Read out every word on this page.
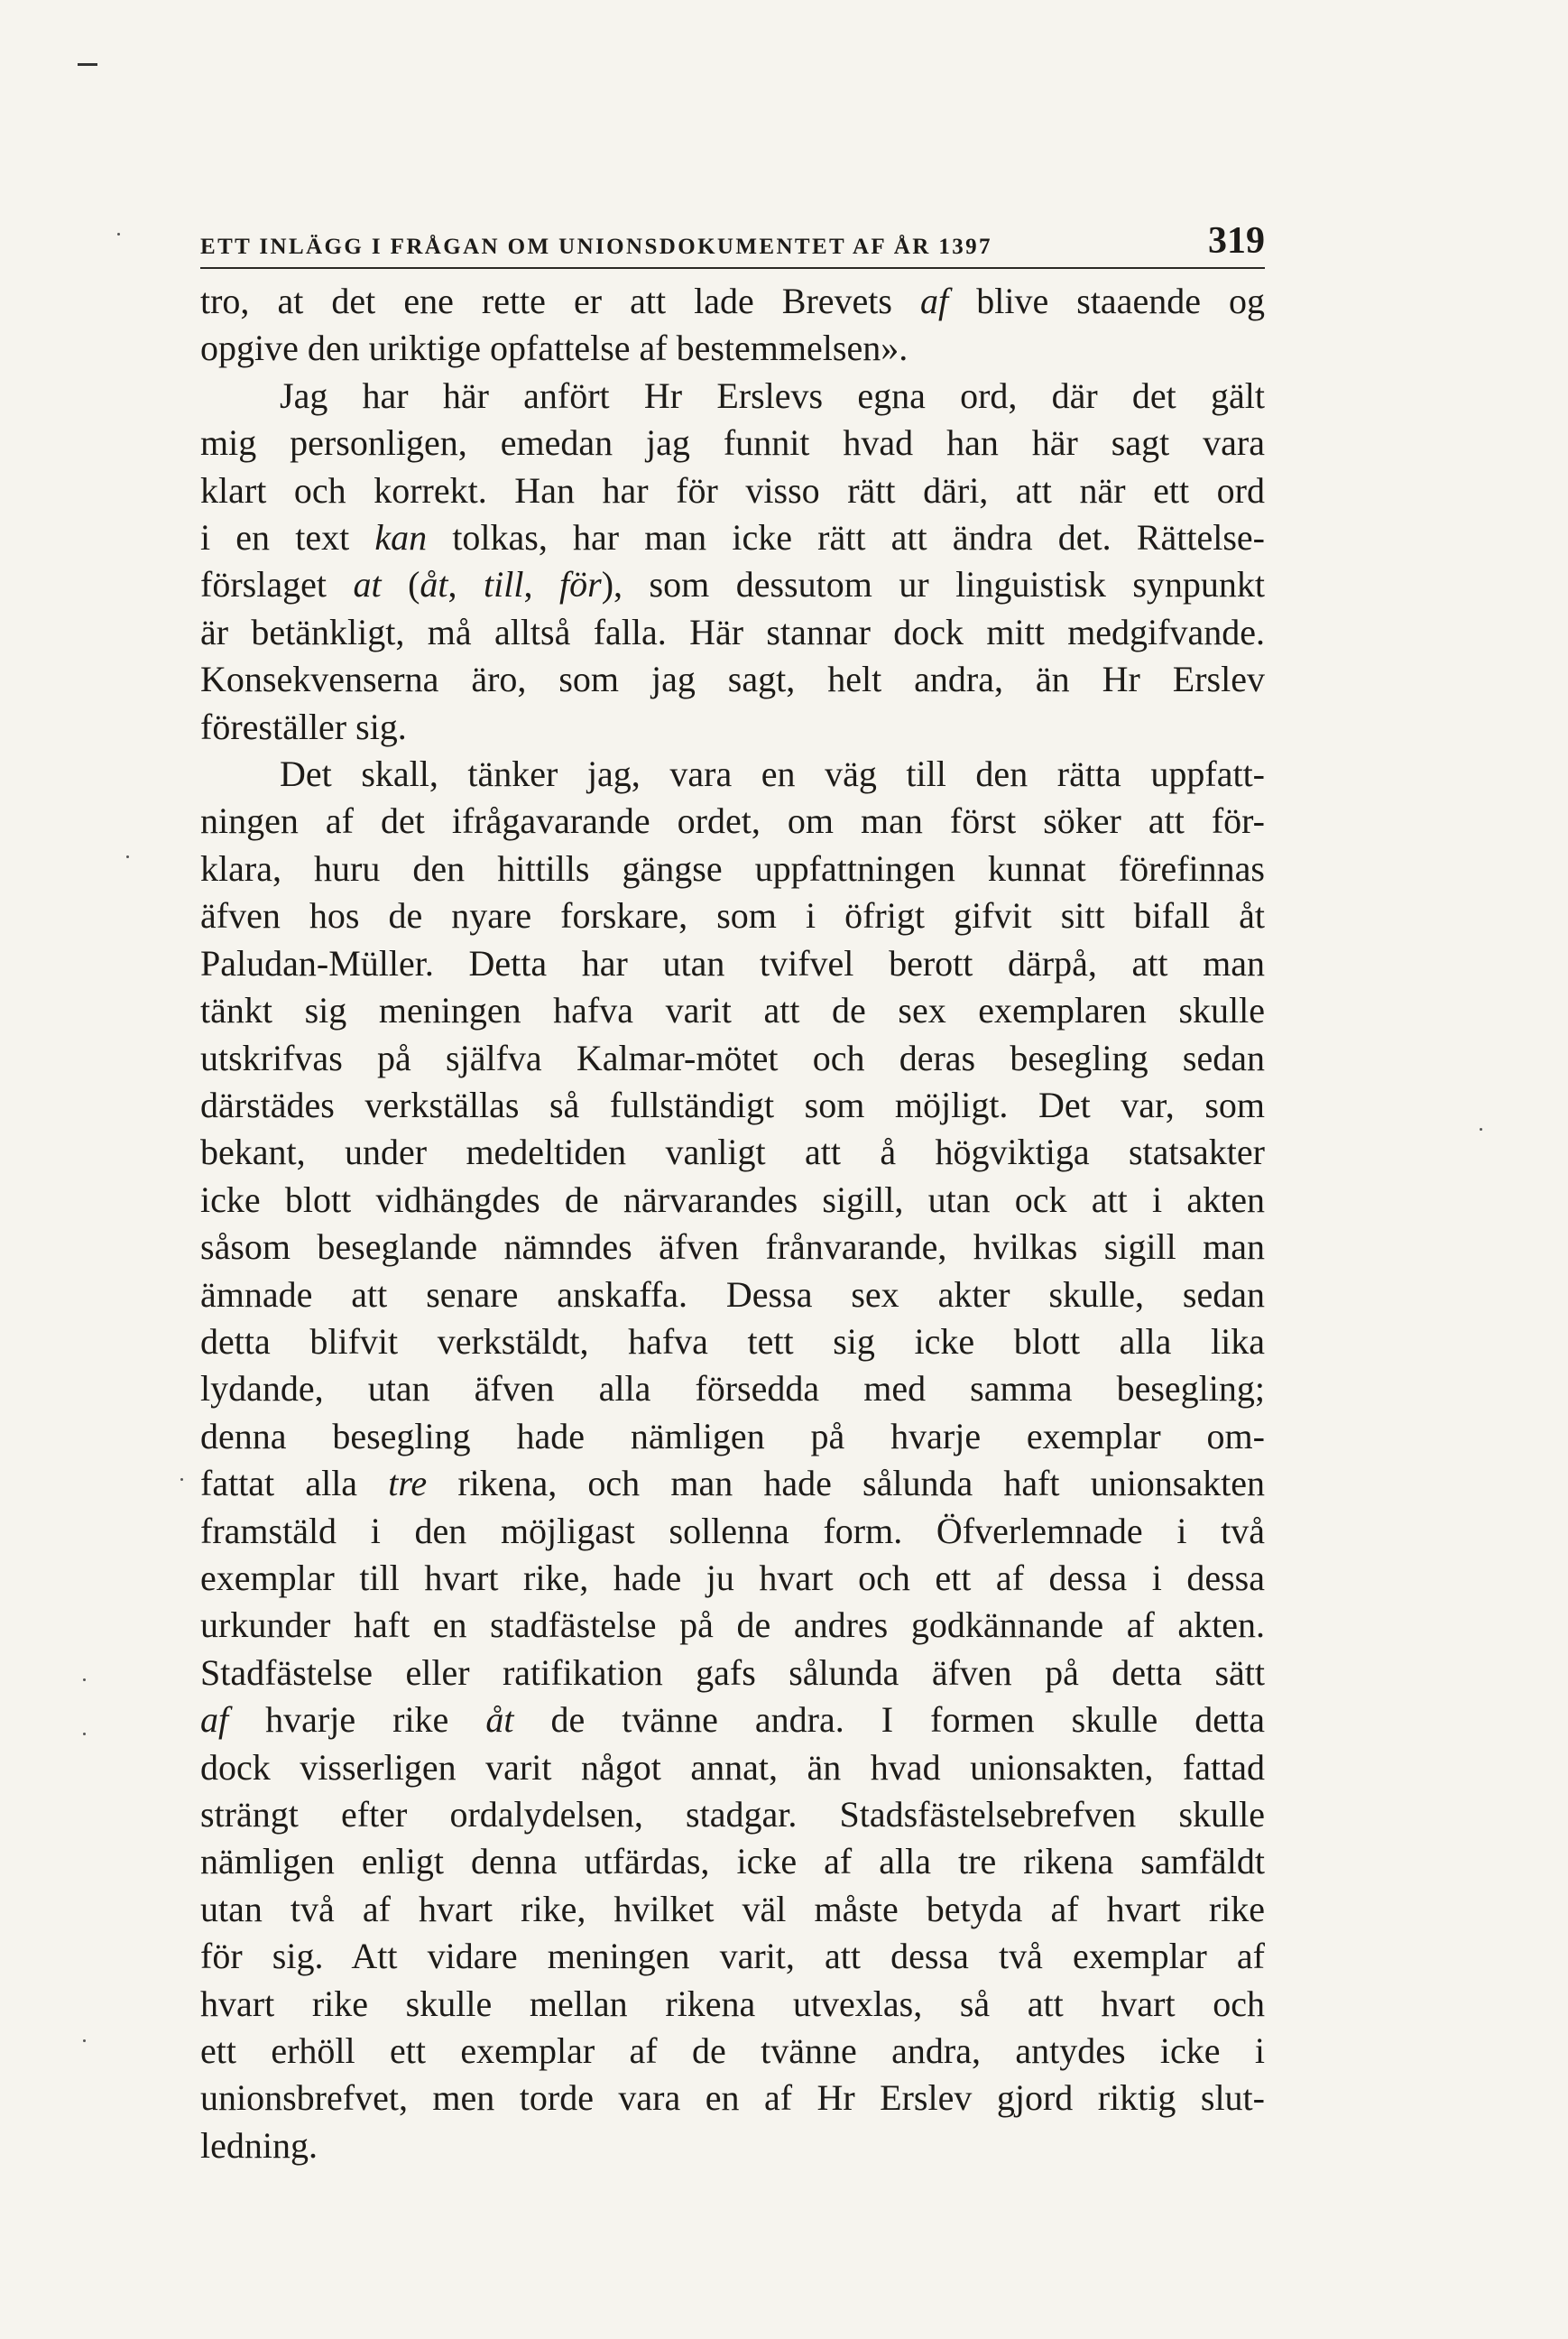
ETT INLÄGG I FRÅGAN OM UNIONSDOKUMENTET AF ÅR 1397	319
tro, at det ene rette er att lade Brevets af blive staaende og
opgive den uriktige opfattelse af bestemmelsen».
Jag har här anfört Hr Erslevs egna ord, där det gält
mig personligen, emedan jag funnit hvad han här sagt vara
klart och korrekt. Han har för visso rätt däri, att när ett ord
i en text kan tolkas, har man icke rätt att ändra det. Rättelse-
förslaget at (åt, till, för), som dessutom ur linguistisk synpunkt
är betänkligt, må alltså falla. Här stannar dock mitt medgifvande.
Konsekvenserna äro, som jag sagt, helt andra, än Hr Erslev
föreställer sig.
Det skall, tänker jag, vara en väg till den rätta uppfatt-
ningen af det ifrågavarande ordet, om man först söker att för-
klara, huru den hittills gängse uppfattningen kunnat förefinnas
äfven hos de nyare forskare, som i öfrigt gifvit sitt bifall åt
Paludan-Müller. Detta har utan tvifvel berott därpå, att man
tänkt sig meningen hafva varit att de sex exemplaren skulle
utskrifvas på själfva Kalmar-mötet och deras besegling sedan
därstädes verkställas så fullständigt som möjligt. Det var, som
bekant, under medeltiden vanligt att å högviktiga statsakter
icke blott vidhängdes de närvarandes sigill, utan ock att i akten
såsom beseglande nämndes äfven frånvarande, hvilkas sigill man
ämnade att senare anskaffa. Dessa sex akter skulle, sedan
detta blifvit verkstäldt, hafva tett sig icke blott alla lika
lydande, utan äfven alla försedda med samma besegling;
denna besegling hade nämligen på hvarje exemplar om-
fattat alla tre rikena, och man hade sålunda haft unionsakten
framstäld i den möjligast sollenna form. Öfverlemnade i två
exemplar till hvart rike, hade ju hvart och ett af dessa i dessa
urkunder haft en stadfästelse på de andres godkännande af akten.
Stadfästelse eller ratifikation gafs sålunda äfven på detta sätt
af hvarje rike åt de tvänne andra. I formen skulle detta
dock visserligen varit något annat, än hvad unionsakten, fattad
strängt efter ordalydelsen, stadgar. Stadsfästelsebrefven skulle
nämligen enligt denna utfärdas, icke af alla tre rikena samfäldt
utan två af hvart rike, hvilket väl måste betyda af hvart rike
för sig. Att vidare meningen varit, att dessa två exemplar af
hvart rike skulle mellan rikena utvexlas, så att hvart och
ett erhöll ett exemplar af de tvänne andra, antydes icke i
unionsbrefvet, men torde vara en af Hr Erslev gjord riktig slut-
ledning.
